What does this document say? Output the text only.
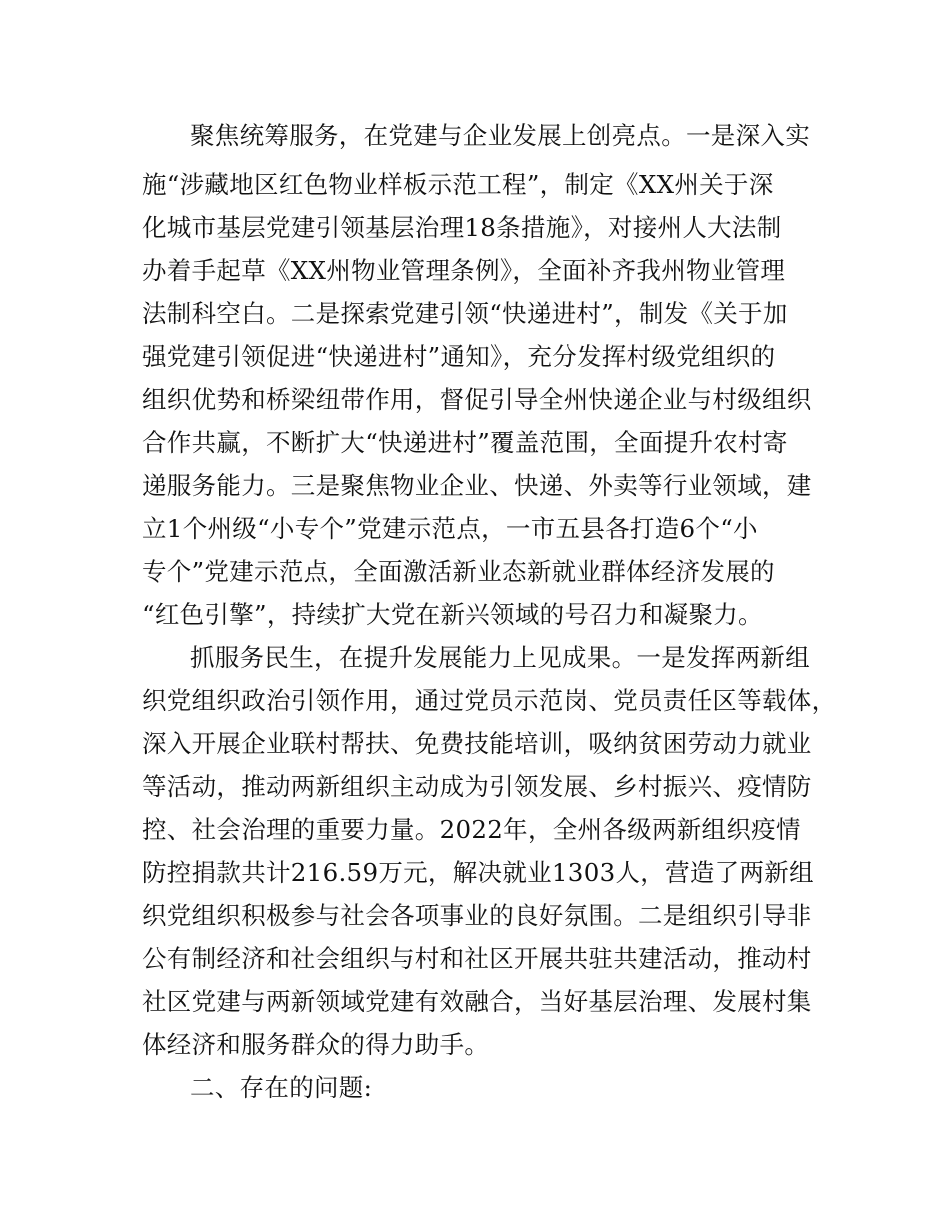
聚焦统筹服务，在党建与企业发展上创亮点。一是深入实
施“涉藏地区红色物业样板示范工程”，制定《XX州关于深
化城市基层党建引领基层治理18条措施》，对接州人大法制
办着手起草《XX州物业管理条例》，全面补齐我州物业管理
法制科空白。二是探索党建引领“快递进村”，制发《关于加
强党建引领促进“快递进村”通知》，充分发挥村级党组织的
组织优势和桥梁纽带作用，督促引导全州快递企业与村级组织
合作共赢，不断扩大“快递进村”覆盖范围，全面提升农村寄
递服务能力。三是聚焦物业企业、快递、外卖等行业领域，建
立1个州级“小专个”党建示范点，一市五县各打造6个“小
专个”党建示范点，全面激活新业态新就业群体经济发展的
“红色引擎”，持续扩大党在新兴领域的号召力和凝聚力。
抓服务民生，在提升发展能力上见成果。一是发挥两新组
织党组织政治引领作用，通过党员示范岗、党员责任区等载体，
深入开展企业联村帮扶、免费技能培训，吸纳贫困劳动力就业
等活动，推动两新组织主动成为引领发展、乡村振兴、疫情防
控、社会治理的重要力量。2022年，全州各级两新组织疫情
防控捐款共计216.59万元，解决就业1303人，营造了两新组
织党组织积极参与社会各项事业的良好氛围。二是组织引导非
公有制经济和社会组织与村和社区开展共驻共建活动，推动村
社区党建与两新领域党建有效融合，当好基层治理、发展村集
体经济和服务群众的得力助手。
二、存在的问题:
